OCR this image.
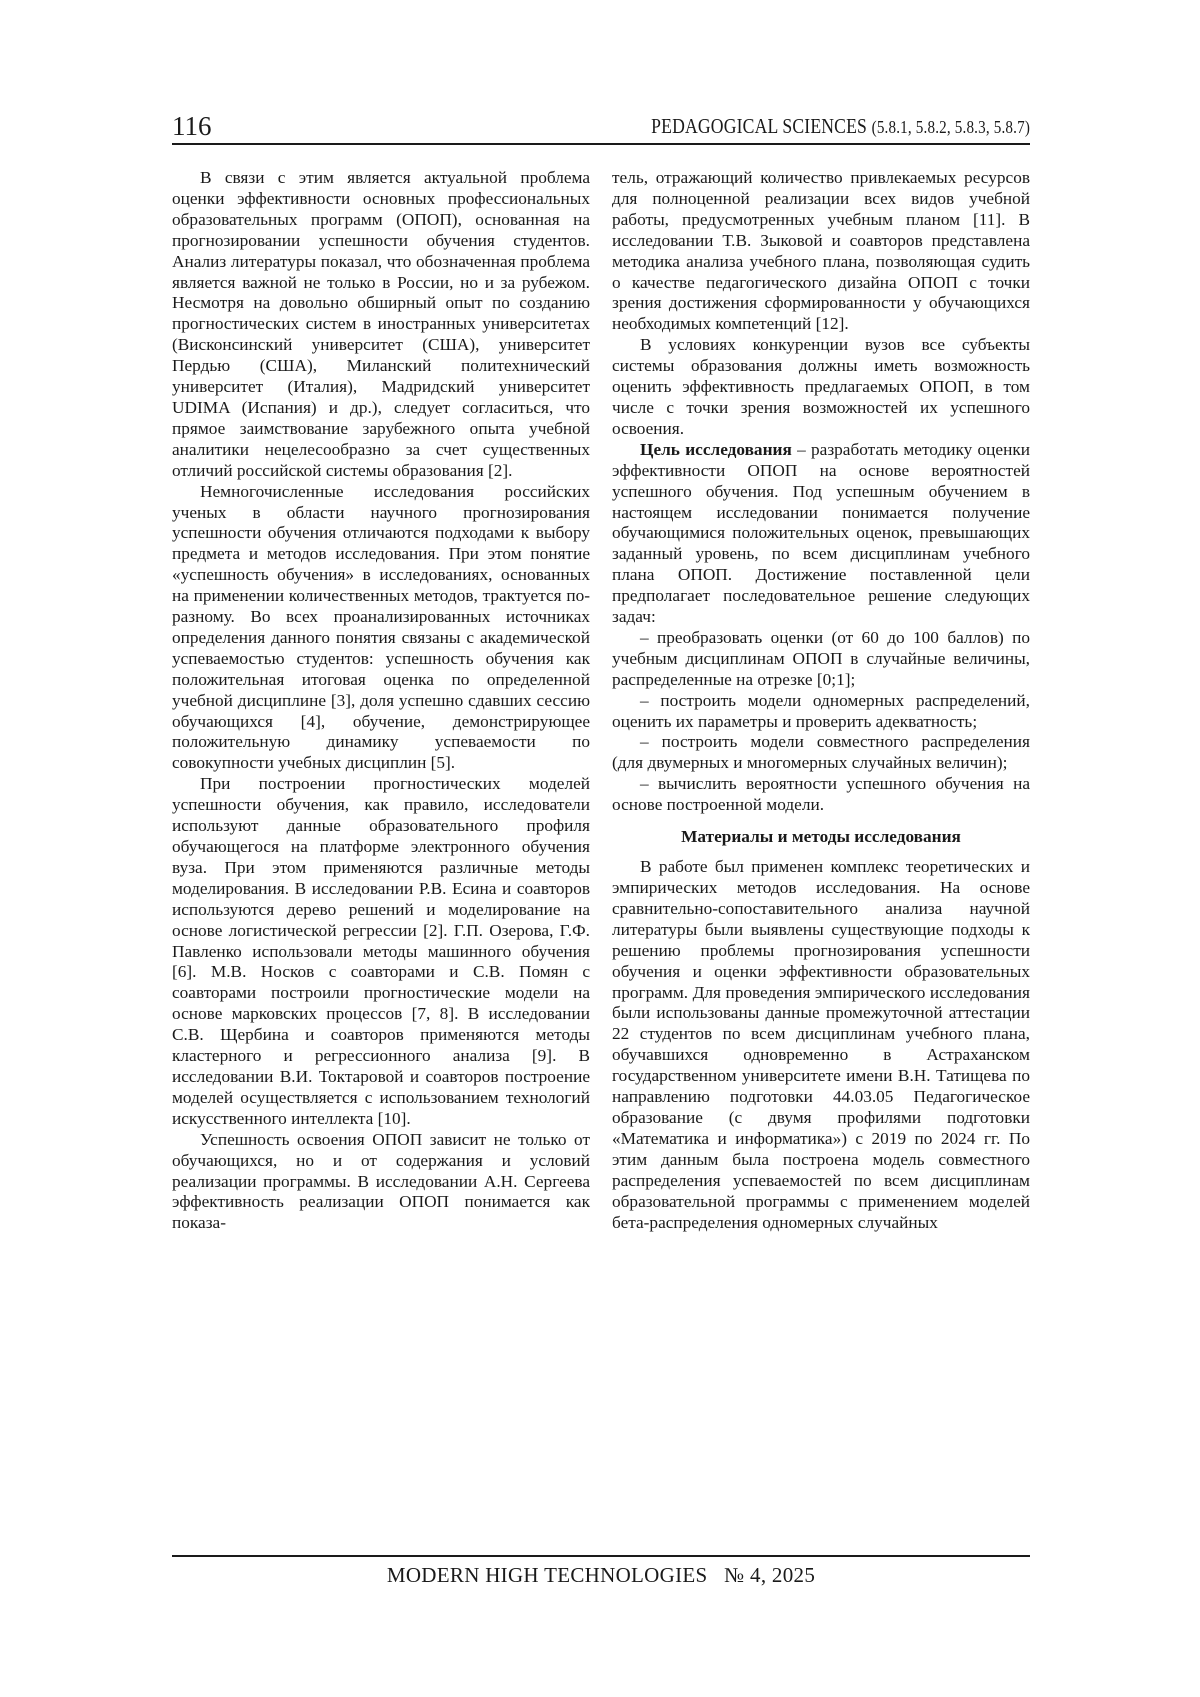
116	PEDAGOGICAL SCIENCES (5.8.1, 5.8.2, 5.8.3, 5.8.7)

В связи с этим является актуальной проблема оценки эффективности основных профессиональных образовательных программ (ОПОП), основанная на прогнозировании успешности обучения студентов. Анализ литературы показал, что обозначенная проблема является важной не только в России, но и за рубежом. Несмотря на довольно обширный опыт по созданию прогностических систем в иностранных университетах (Висконсинский университет (США), университет Пердью (США), Миланский политехнический университет (Италия), Мадридский университет UDIMA (Испания) и др.), следует согласиться, что прямое заимствование зарубежного опыта учебной аналитики нецелесообразно за счет существенных отличий российской системы образования [2].

Немногочисленные исследования российских ученых в области научного прогнозирования успешности обучения отличаются подходами к выбору предмета и методов исследования. При этом понятие «успешность обучения» в исследованиях, основанных на применении количественных методов, трактуется по-разному. Во всех проанализированных источниках определения данного понятия связаны с академической успеваемостью студентов: успешность обучения как положительная итоговая оценка по определенной учебной дисциплине [3], доля успешно сдавших сессию обучающихся [4], обучение, демонстрирующее положительную динамику успеваемости по совокупности учебных дисциплин [5].

При построении прогностических моделей успешности обучения, как правило, исследователи используют данные образовательного профиля обучающегося на платформе электронного обучения вуза. При этом применяются различные методы моделирования. В исследовании Р.В. Есина и соавторов используются дерево решений и моделирование на основе логистической регрессии [2]. Г.П. Озерова, Г.Ф. Павленко использовали методы машинного обучения [6]. М.В. Носков с соавторами и С.В. Помян с соавторами построили прогностические модели на основе марковских процессов [7, 8]. В исследовании С.В. Щербина и соавторов применяются методы кластерного и регрессионного анализа [9]. В исследовании В.И. Токтаровой и соавторов построение моделей осуществляется с использованием технологий искусственного интеллекта [10].

Успешность освоения ОПОП зависит не только от обучающихся, но и от содержания и условий реализации программы. В исследовании А.Н. Сергеева эффективность реализации ОПОП понимается как показа-

тель, отражающий количество привлекаемых ресурсов для полноценной реализации всех видов учебной работы, предусмотренных учебным планом [11]. В исследовании Т.В. Зыковой и соавторов представлена методика анализа учебного плана, позволяющая судить о качестве педагогического дизайна ОПОП с точки зрения достижения сформированности у обучающихся необходимых компетенций [12].

В условиях конкуренции вузов все субъекты системы образования должны иметь возможность оценить эффективность предлагаемых ОПОП, в том числе с точки зрения возможностей их успешного освоения.

Цель исследования – разработать методику оценки эффективности ОПОП на основе вероятностей успешного обучения. Под успешным обучением в настоящем исследовании понимается получение обучающимися положительных оценок, превышающих заданный уровень, по всем дисциплинам учебного плана ОПОП. Достижение поставленной цели предполагает последовательное решение следующих задач:

– преобразовать оценки (от 60 до 100 баллов) по учебным дисциплинам ОПОП в случайные величины, распределенные на отрезке [0;1];

– построить модели одномерных распределений, оценить их параметры и проверить адекватность;

– построить модели совместного распределения (для двумерных и многомерных случайных величин);

– вычислить вероятности успешного обучения на основе построенной модели.

Материалы и методы исследования

В работе был применен комплекс теоретических и эмпирических методов исследования. На основе сравнительно-сопоставительного анализа научной литературы были выявлены существующие подходы к решению проблемы прогнозирования успешности обучения и оценки эффективности образовательных программ. Для проведения эмпирического исследования были использованы данные промежуточной аттестации 22 студентов по всем дисциплинам учебного плана, обучавшихся одновременно в Астраханском государственном университете имени В.Н. Татищева по направлению подготовки 44.03.05 Педагогическое образование (с двумя профилями подготовки «Математика и информатика») с 2019 по 2024 гг. По этим данным была построена модель совместного распределения успеваемостей по всем дисциплинам образовательной программы с применением моделей бета-распределения одномерных случайных

MODERN HIGH TECHNOLOGIES   № 4, 2025
